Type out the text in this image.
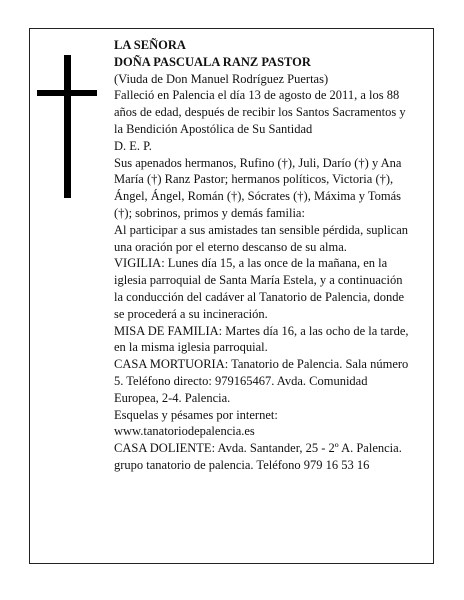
LA SEÑORA

DOÑA PASCUALA RANZ PASTOR

(Viuda de Don Manuel Rodríguez Puertas)

Falleció en Palencia el día 13 de agosto de 2011, a los 88 años de edad, después de recibir los Santos Sacramentos y la Bendición Apostólica de Su Santidad

D. E. P.

Sus apenados hermanos, Rufino (†), Juli, Darío (†) y Ana María (†) Ranz Pastor; hermanos políticos, Victoria (†), Ángel, Ángel, Román (†), Sócrates (†), Máxima y Tomás (†); sobrinos, primos y demás familia:

Al participar a sus amistades tan sensible pérdida, suplican una oración por el eterno descanso de su alma.

VIGILIA: Lunes día 15, a las once de la mañana, en la iglesia parroquial de Santa María Estela, y a continuación la conducción del cadáver al Tanatorio de Palencia, donde se procederá a su incineración.

MISA DE FAMILIA: Martes día 16, a las ocho de la tarde, en la misma iglesia parroquial.

CASA MORTUORIA: Tanatorio de Palencia. Sala número 5. Teléfono directo: 979165467. Avda. Comunidad Europea, 2-4. Palencia.

Esquelas y pésames por internet: www.tanatoriodepalencia.es

CASA DOLIENTE: Avda. Santander, 25 - 2º A. Palencia.

grupo tanatorio de palencia. Teléfono 979 16 53 16
